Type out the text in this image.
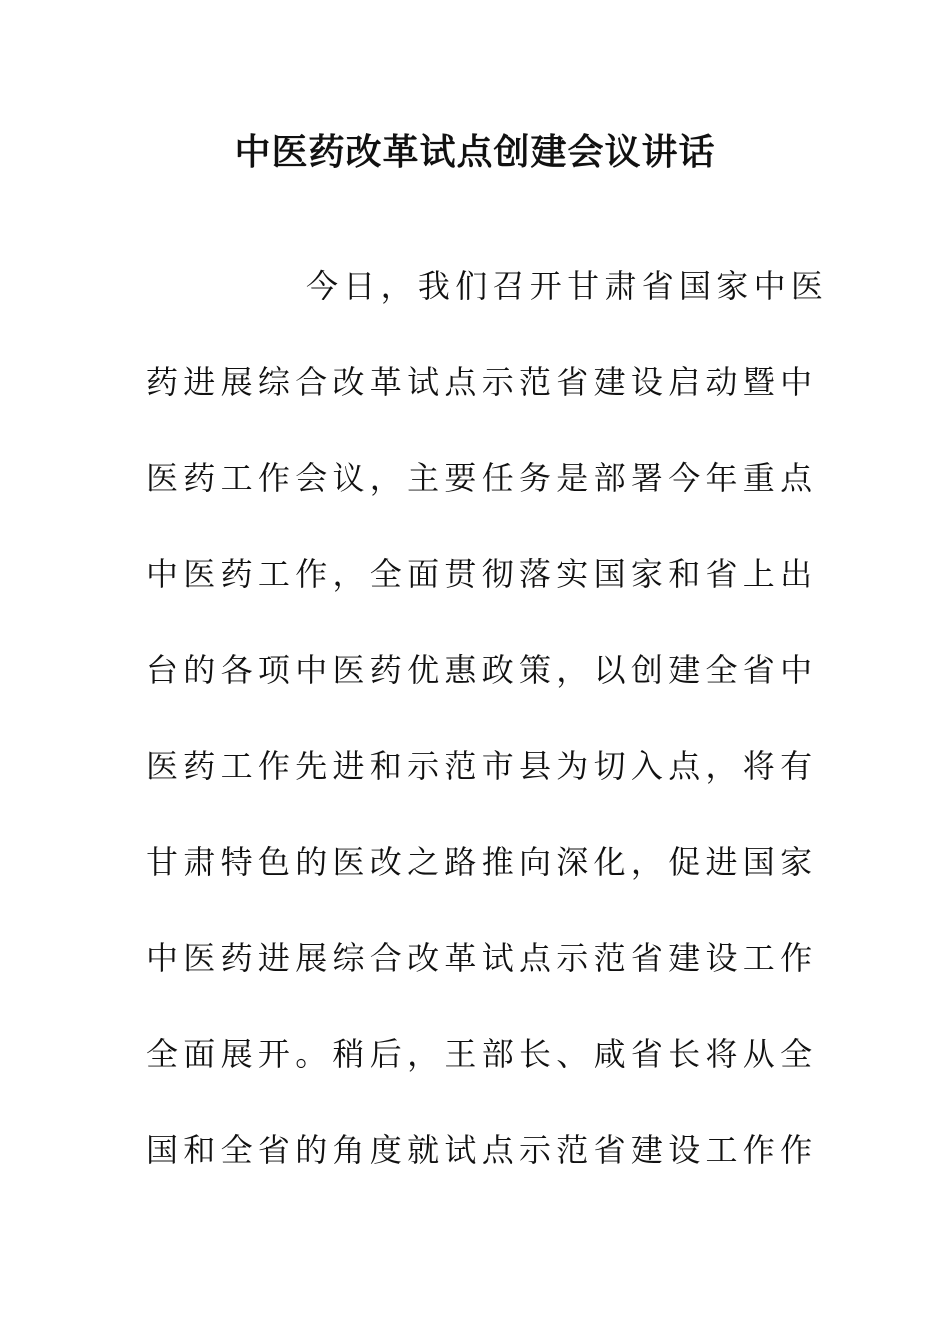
中医药改革试点创建会议讲话
今日，我们召开甘肃省国家中医
药进展综合改革试点示范省建设启动暨中
医药工作会议，主要任务是部署今年重点
中医药工作，全面贯彻落实国家和省上出
台的各项中医药优惠政策，以创建全省中
医药工作先进和示范市县为切入点，将有
甘肃特色的医改之路推向深化，促进国家
中医药进展综合改革试点示范省建设工作
全面展开。稍后，王部长、咸省长将从全
国和全省的角度就试点示范省建设工作作
